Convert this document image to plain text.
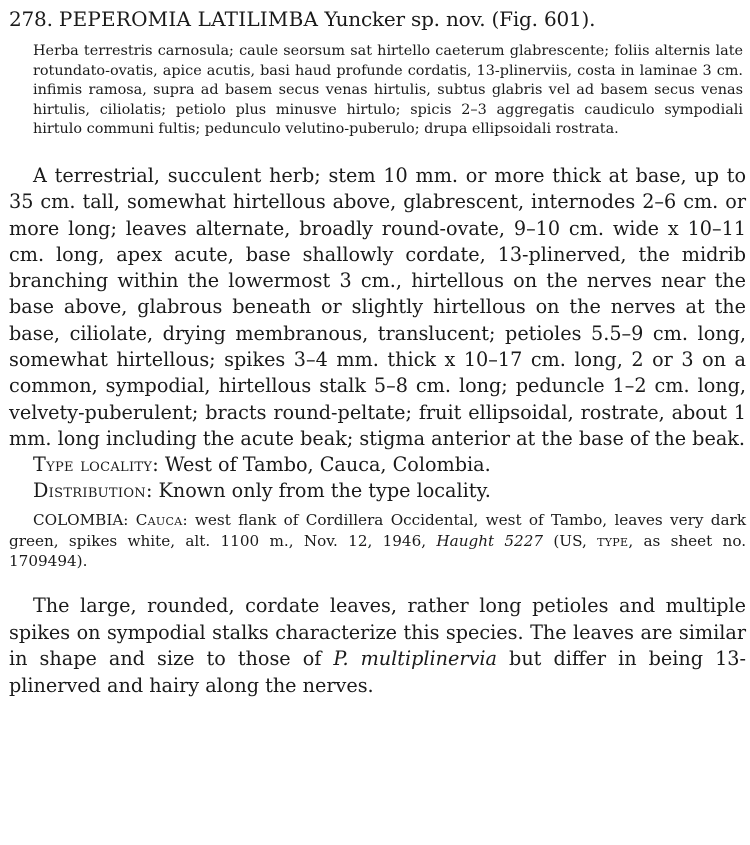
278. PEPEROMIA LATILIMBA Yuncker sp. nov. (Fig. 601).

Herba terrestris carnosula; caule seorsum sat hirtello caeterum glabrescente; foliis alternis late rotundato-ovatis, apice acutis, basi haud profunde cordatis, 13-plinerviis, costa in laminae 3 cm. infimis ramosa, supra ad basem secus venas hirtulis, subtus glabris vel ad basem secus venas hirtulis, ciliolatis; petiolo plus minusve hirtulo; spicis 2–3 aggregatis caudiculo sympodiali hirtulo communi fultis; pedunculo velutino-puberulo; drupa ellipsoidali rostrata.

A terrestrial, succulent herb; stem 10 mm. or more thick at base, up to 35 cm. tall, somewhat hirtellous above, glabrescent, internodes 2–6 cm. or more long; leaves alternate, broadly round-ovate, 9–10 cm. wide x 10–11 cm. long, apex acute, base shallowly cordate, 13-plinerved, the midrib branching within the lowermost 3 cm., hirtellous on the nerves near the base above, glabrous beneath or slightly hirtellous on the nerves at the base, ciliolate, drying membranous, translucent; petioles 5.5–9 cm. long, somewhat hirtellous; spikes 3–4 mm. thick x 10–17 cm. long, 2 or 3 on a common, sympodial, hirtellous stalk 5–8 cm. long; peduncle 1–2 cm. long, velvety-puberulent; bracts round-peltate; fruit ellipsoidal, rostrate, about 1 mm. long including the acute beak; stigma anterior at the base of the beak.

Type locality: West of Tambo, Cauca, Colombia.

Distribution: Known only from the type locality.

COLOMBIA: Cauca: west flank of Cordillera Occidental, west of Tambo, leaves very dark green, spikes white, alt. 1100 m., Nov. 12, 1946, Haught 5227 (US, type, as sheet no. 1709494).

The large, rounded, cordate leaves, rather long petioles and multiple spikes on sympodial stalks characterize this species. The leaves are similar in shape and size to those of P. multiplinervia but differ in being 13-plinerved and hairy along the nerves.
